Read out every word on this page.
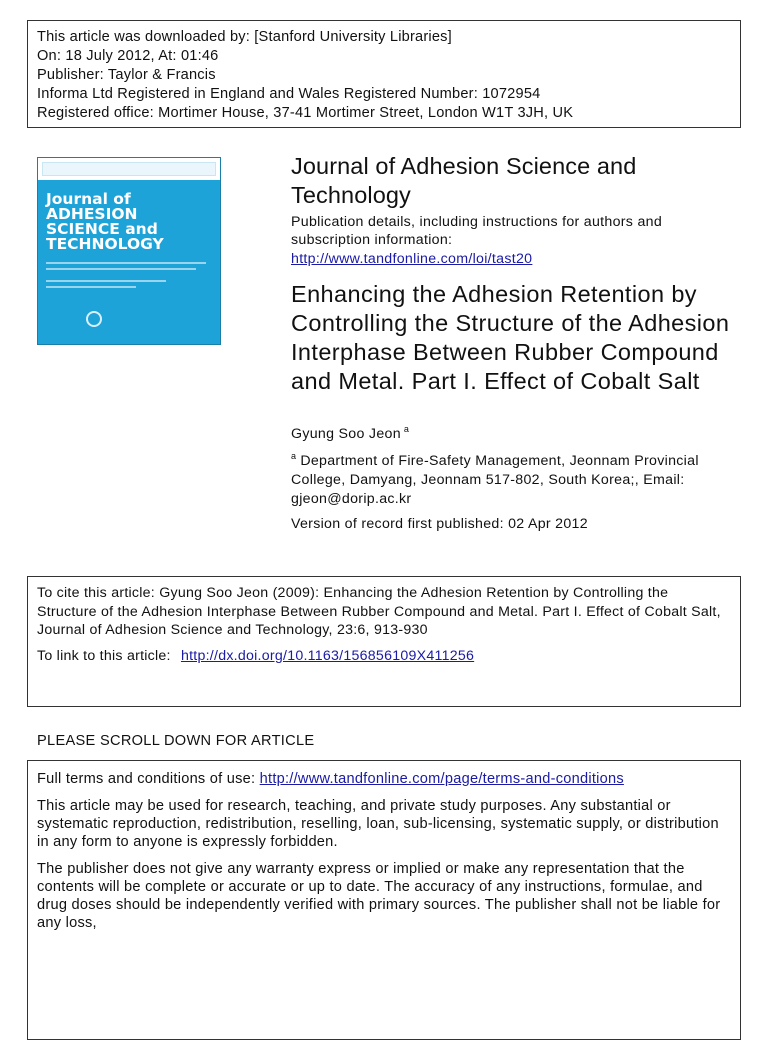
This article was downloaded by: [Stanford University Libraries]
On: 18 July 2012, At: 01:46
Publisher: Taylor & Francis
Informa Ltd Registered in England and Wales Registered Number: 1072954
Registered office: Mortimer House, 37-41 Mortimer Street, London W1T 3JH, UK
Journal of
ADHESION
SCIENCE and
TECHNOLOGY
Journal of Adhesion Science and Technology
Publication details, including instructions for authors and subscription information:
http://www.tandfonline.com/loi/tast20
Enhancing the Adhesion Retention by Controlling the Structure of the Adhesion Interphase Between Rubber Compound and Metal. Part I. Effect of Cobalt Salt
Gyung Soo Jeon $^a$
$^a$ Department of Fire-Safety Management, Jeonnam Provincial College, Damyang, Jeonnam 517-802, South Korea;, Email: gjeon@dorip.ac.kr
Version of record first published: 02 Apr 2012
To cite this article: Gyung Soo Jeon (2009): Enhancing the Adhesion Retention by Controlling the Structure of the Adhesion Interphase Between Rubber Compound and Metal. Part I. Effect of Cobalt Salt, Journal of Adhesion Science and Technology, 23:6, 913-930
To link to this article: http://dx.doi.org/10.1163/156856109X411256
PLEASE SCROLL DOWN FOR ARTICLE

Full terms and conditions of use: http://www.tandfonline.com/page/terms-and-conditions

This article may be used for research, teaching, and private study purposes. Any substantial or systematic reproduction, redistribution, reselling, loan, sub-licensing, systematic supply, or distribution in any form to anyone is expressly forbidden.

The publisher does not give any warranty express or implied or make any representation that the contents will be complete or accurate or up to date. The accuracy of any instructions, formulae, and drug doses should be independently verified with primary sources. The publisher shall not be liable for any loss,
